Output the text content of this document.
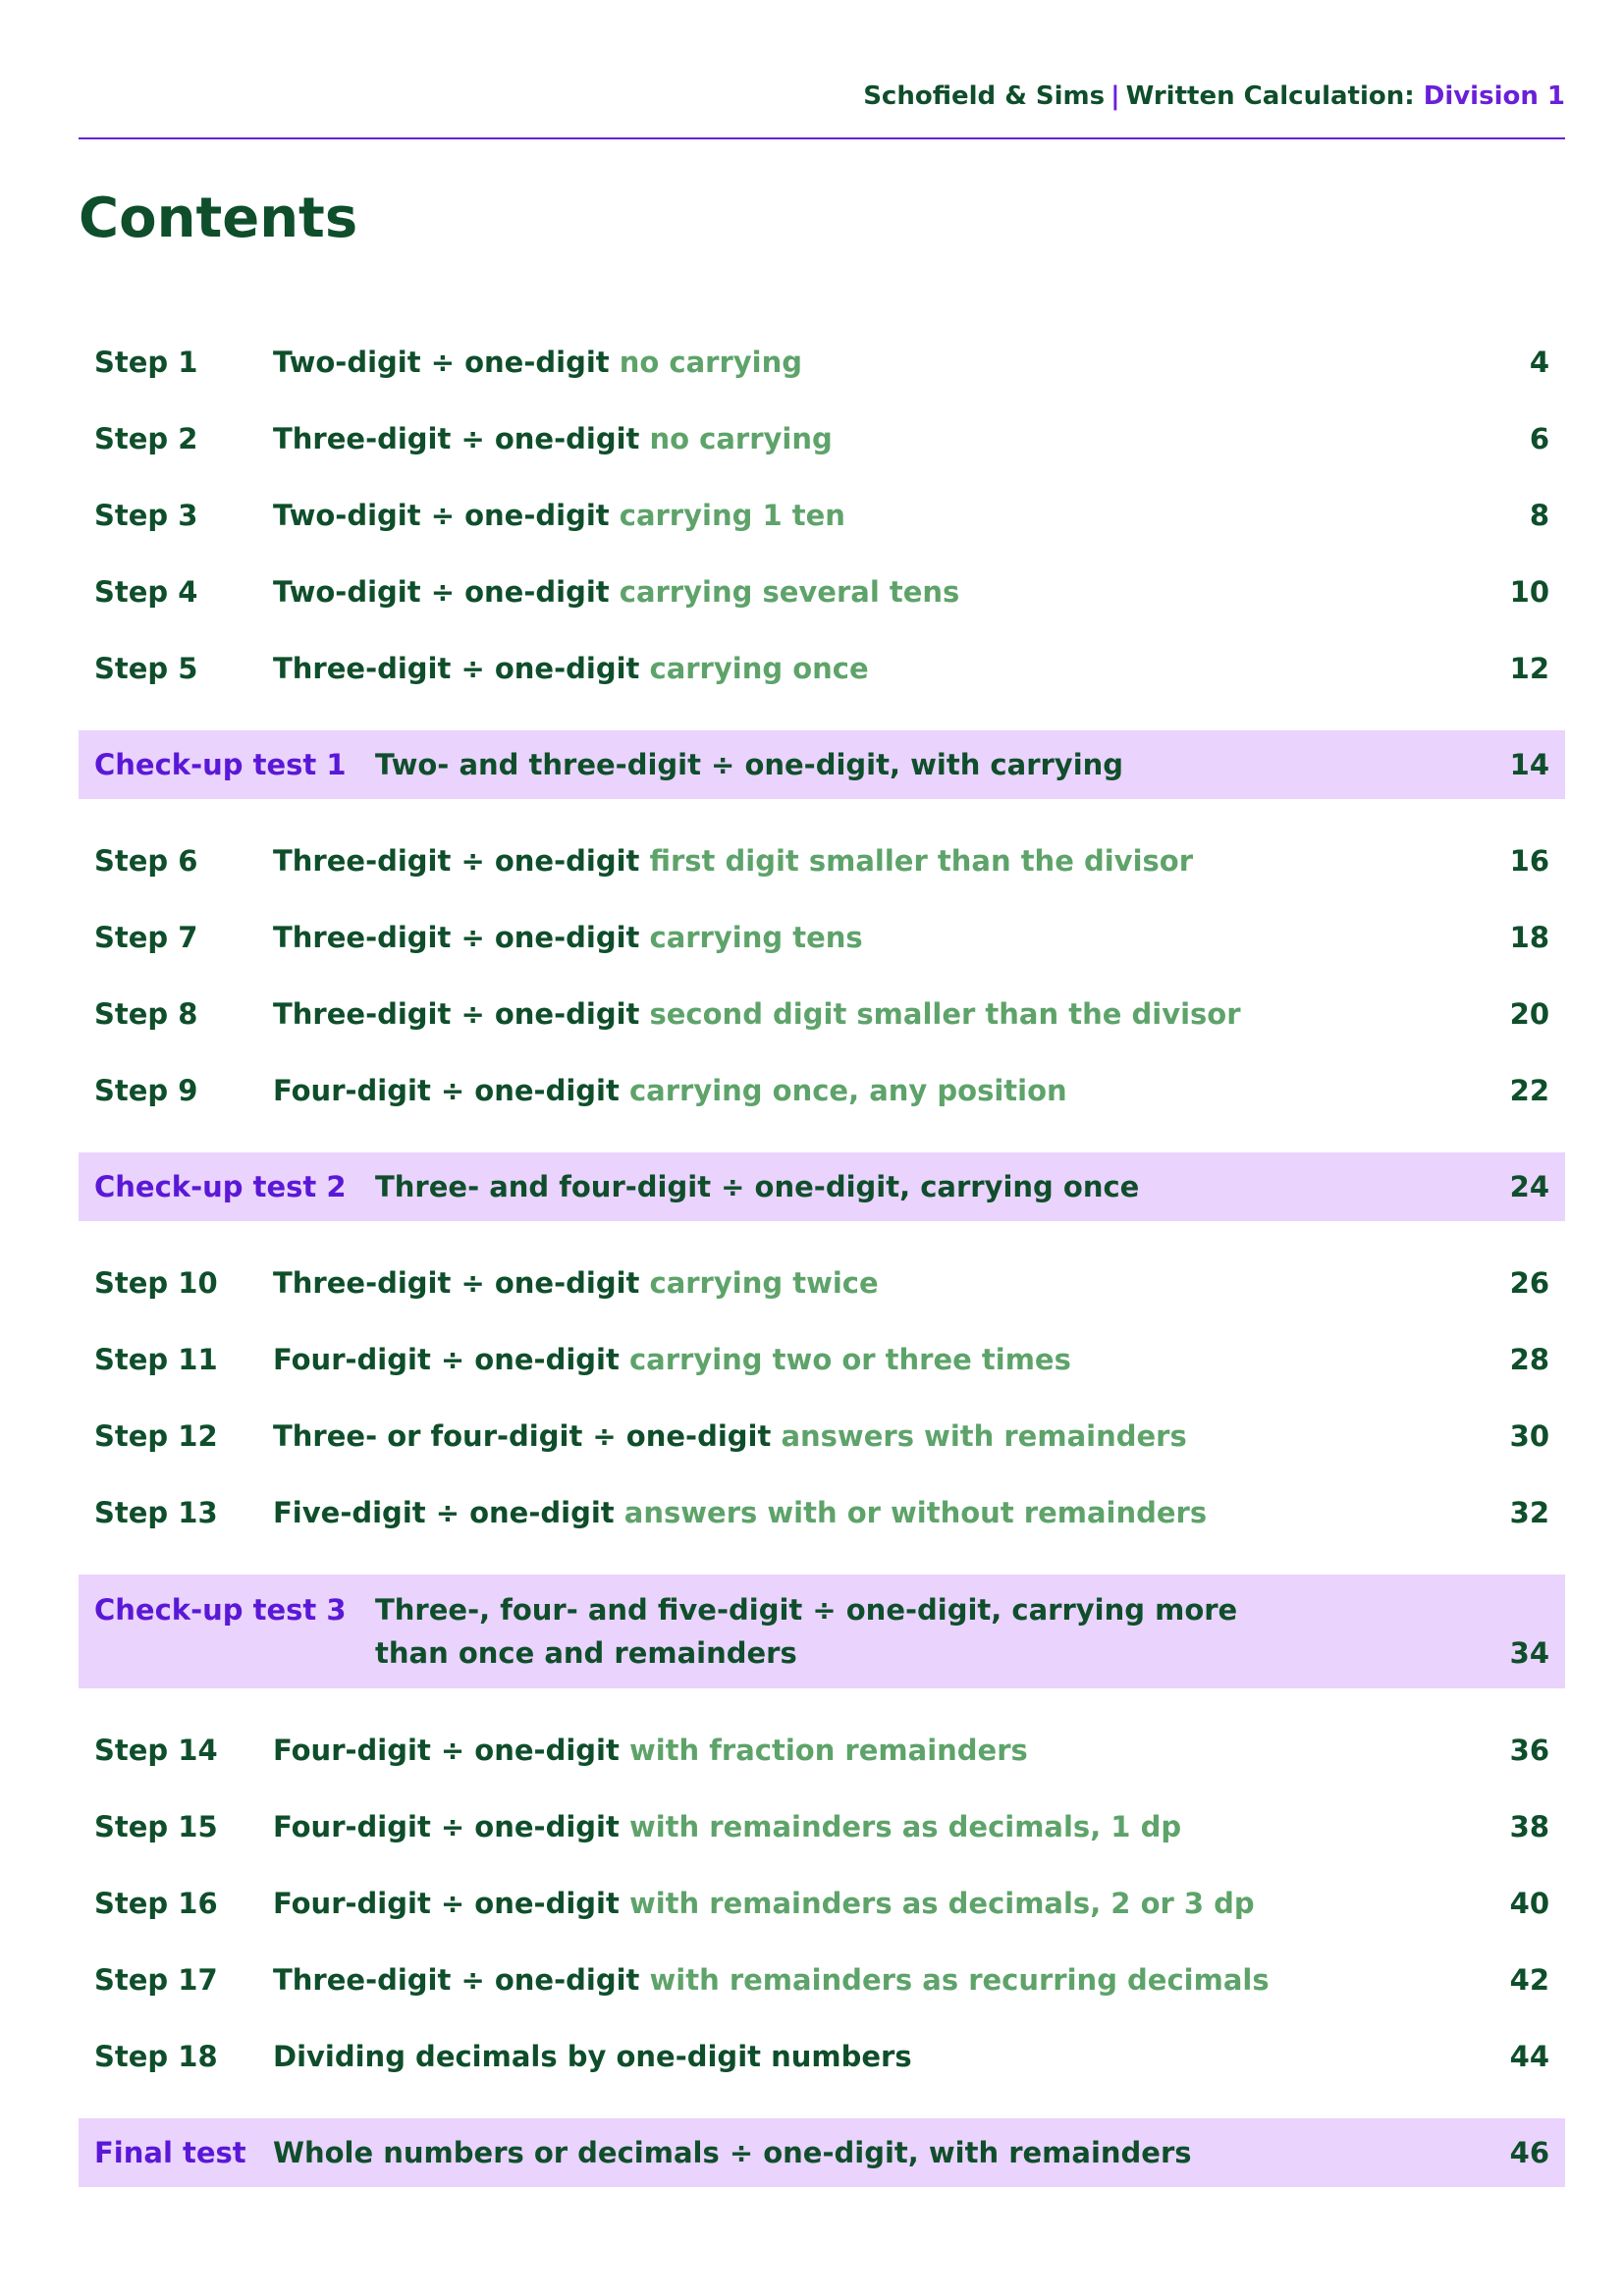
Schofield & Sims | Written Calculation: Division 1
Contents
Step 1	Two-digit ÷ one-digit no carrying	4
Step 2	Three-digit ÷ one-digit no carrying	6
Step 3	Two-digit ÷ one-digit carrying 1 ten	8
Step 4	Two-digit ÷ one-digit carrying several tens	10
Step 5	Three-digit ÷ one-digit carrying once	12
Check-up test 1 Two- and three-digit ÷ one-digit, with carrying	14
Step 6	Three-digit ÷ one-digit first digit smaller than the divisor	16
Step 7	Three-digit ÷ one-digit carrying tens	18
Step 8	Three-digit ÷ one-digit second digit smaller than the divisor	20
Step 9	Four-digit ÷ one-digit carrying once, any position	22
Check-up test 2 Three- and four-digit ÷ one-digit, carrying once	24
Step 10 Three-digit ÷ one-digit carrying twice	26
Step 11 Four-digit ÷ one-digit carrying two or three times	28
Step 12 Three- or four-digit ÷ one-digit answers with remainders	30
Step 13 Five-digit ÷ one-digit answers with or without remainders	32
Check-up test 3 Three-, four- and five-digit ÷ one-digit, carrying more
than once and remainders	34
Step 14 Four-digit ÷ one-digit with fraction remainders	36
Step 15 Four-digit ÷ one-digit with remainders as decimals, 1 dp	38
Step 16 Four-digit ÷ one-digit with remainders as decimals, 2 or 3 dp	40
Step 17 Three-digit ÷ one-digit with remainders as recurring decimals	42
Step 18 Dividing decimals by one-digit numbers	44
Final test Whole numbers or decimals ÷ one-digit, with remainders	46
